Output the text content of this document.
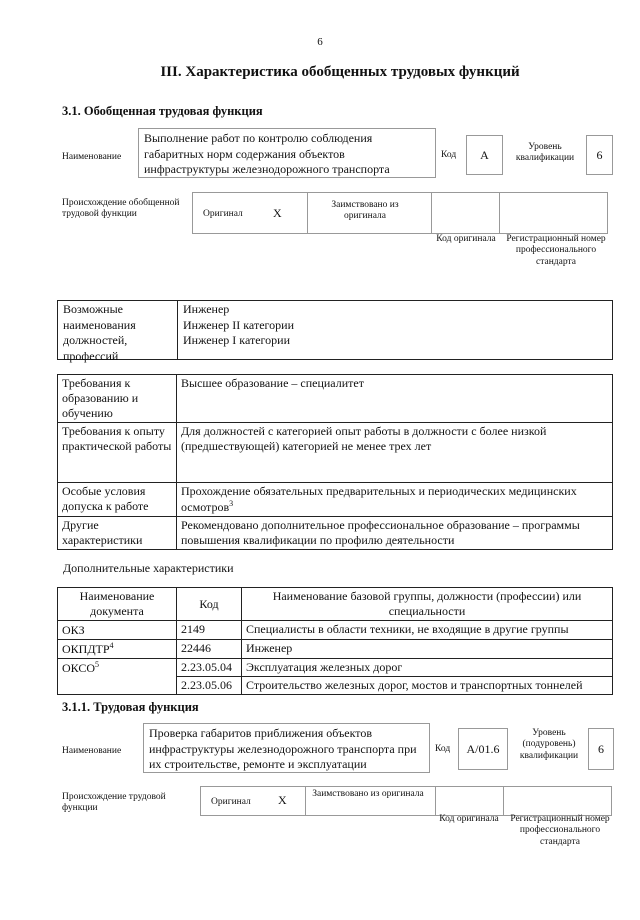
6
III. Характеристика обобщенных трудовых функций
3.1. Обобщенная трудовая функция
Наименование
Выполнение работ по контролю соблюдения габаритных норм содержания объектов инфраструктуры железнодорожного транспорта
Код	A
Уровень квалификации	6
Происхождение обобщенной трудовой функции	Оригинал	X
Заимствовано из оригинала
Код оригинала Регистрационный номер профессионального стандарта
Возможные наименования должностей, профессий
Инженер
Инженер II категории
Инженер I категории
Требования к образованию и обучению	Высшее образование – специалитет
Требования к опыту практической работы	Для должностей с категорией опыт работы в должности с более низкой (предшествующей) категорией не менее трех лет
Особые условия допуска к работе	Прохождение обязательных предварительных и периодических медицинских осмотров$^3$
Другие характеристики	Рекомендовано дополнительное профессиональное образование – программы повышения квалификации по профилю деятельности
Дополнительные характеристики
Наименование документа	Код	Наименование базовой группы, должности (профессии) или специальности
ОКЗ	2149	Специалисты в области техники, не входящие в другие группы
ОКПДТР$^4$	22446	Инженер
ОКСО$^5$	2.23.05.04	Эксплуатация железных дорог
	2.23.05.06	Строительство железных дорог, мостов и транспортных тоннелей
3.1.1. Трудовая функция
Наименование
Проверка габаритов приближения объектов инфраструктуры железнодорожного транспорта при их строительстве, ремонте и эксплуатации
Код	A/01.6
Уровень (подуровень) квалификации	6
Происхождение трудовой функции
Оригинал X	Заимствовано из оригинала
Код оригинала Регистрационный номер профессионального стандарта
